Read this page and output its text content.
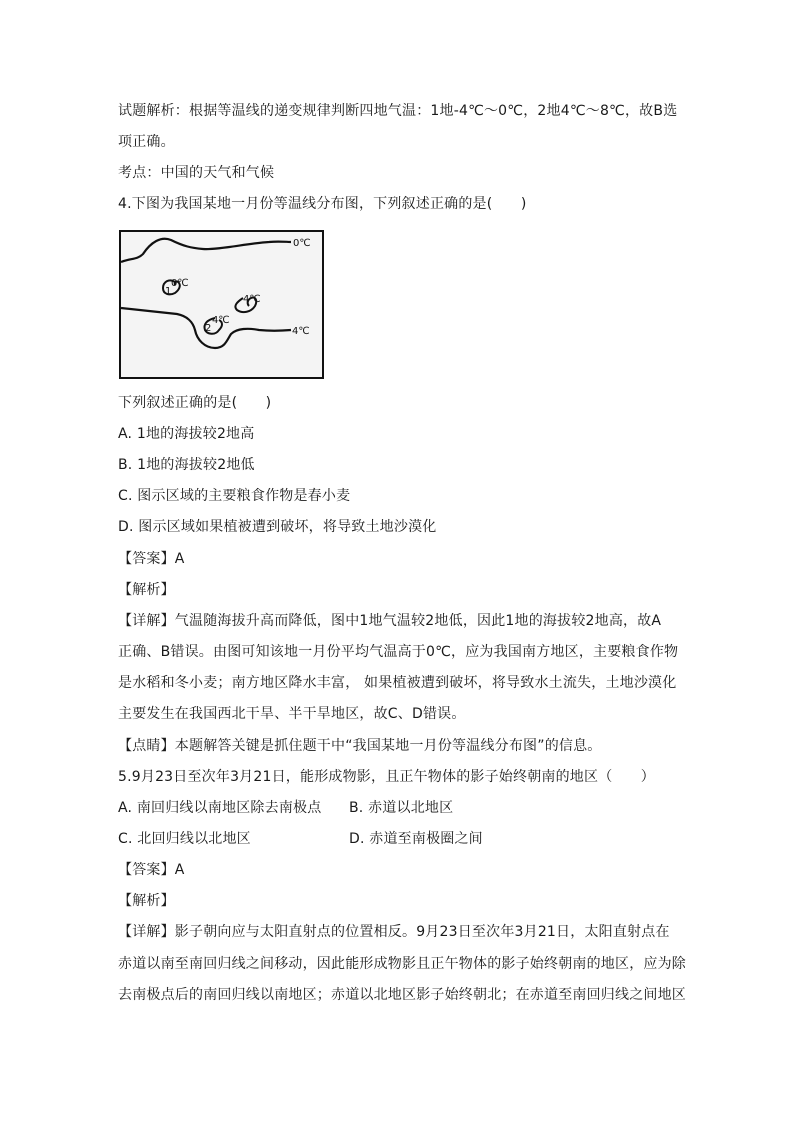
试题解析：根据等温线的递变规律判断四地气温：1地-4℃～0℃，2地4℃～8℃，故B选
项正确。
考点：中国的天气和气候
4.下图为我国某地一月份等温线分布图，下列叙述正确的是(　　)
0℃
4℃
0℃
4℃
4℃
1
2
下列叙述正确的是(　　)
A. 1地的海拔较2地高
B. 1地的海拔较2地低
C. 图示区域的主要粮食作物是春小麦
D. 图示区域如果植被遭到破坏，将导致土地沙漠化
【答案】A
【解析】
【详解】气温随海拔升高而降低，图中1地气温较2地低，因此1地的海拔较2地高，故A
正确、B错误。由图可知该地一月份平均气温高于0℃，应为我国南方地区，主要粮食作物
是水稻和冬小麦；南方地区降水丰富， 如果植被遭到破坏，将导致水土流失，土地沙漠化
主要发生在我国西北干旱、半干旱地区，故C、D错误。
【点睛】本题解答关键是抓住题干中“我国某地一月份等温线分布图”的信息。
5.9月23日至次年3月21日，能形成物影，且正午物体的影子始终朝南的地区（　　）
A. 南回归线以南地区除去南极点 B. 赤道以北地区
C. 北回归线以北地区	D. 赤道至南极圈之间
【答案】A
【解析】
【详解】影子朝向应与太阳直射点的位置相反。9月23日至次年3月21日，太阳直射点在
赤道以南至南回归线之间移动，因此能形成物影且正午物体的影子始终朝南的地区，应为除
去南极点后的南回归线以南地区；赤道以北地区影子始终朝北；在赤道至南回归线之间地区
